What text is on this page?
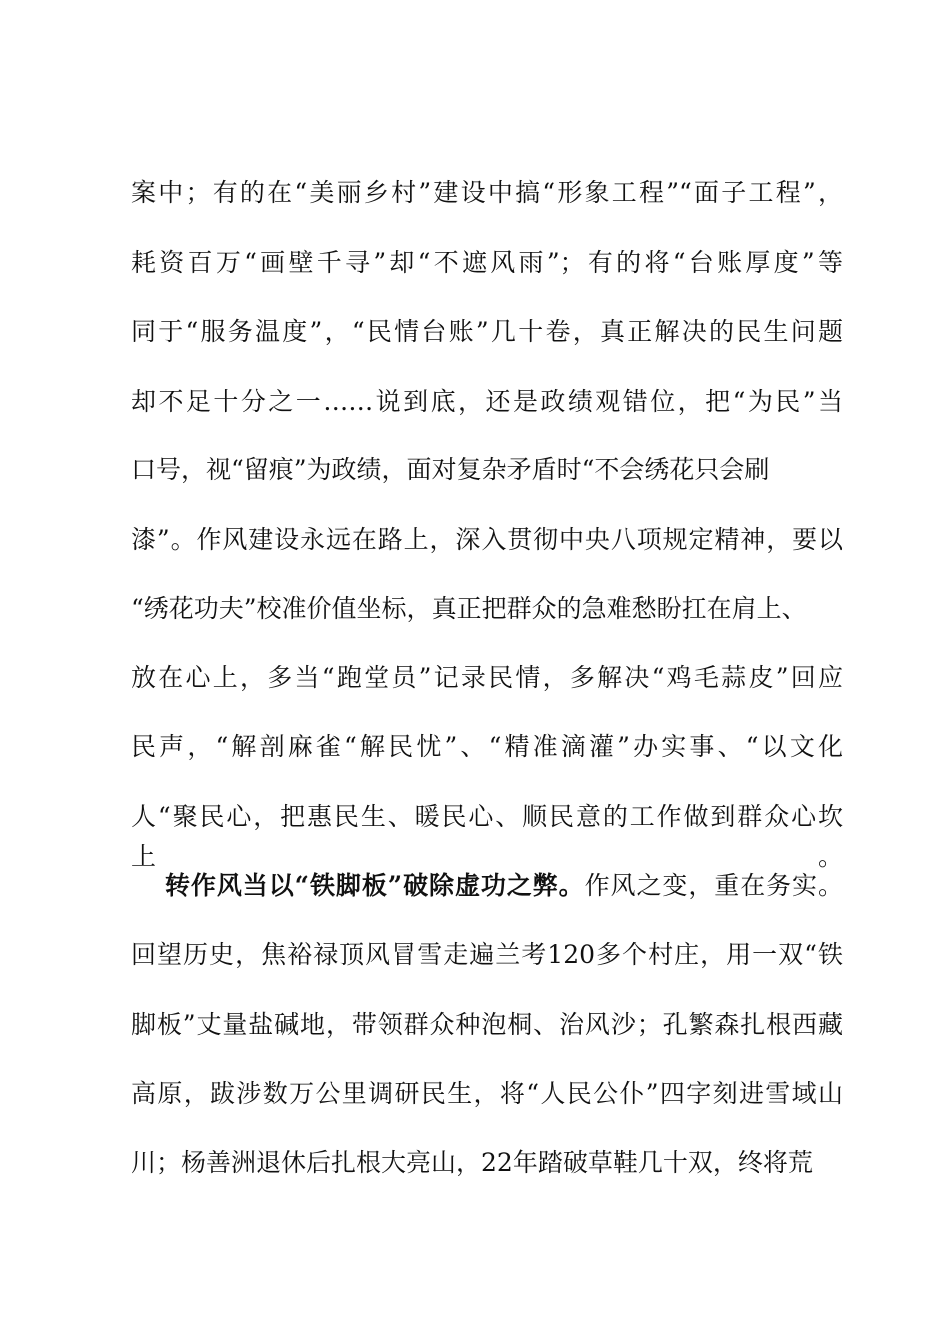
案中；有的在“美丽乡村”建设中搞“形象工程”“面子工程”，
耗资百万“画壁千寻”却“不遮风雨”；有的将“台账厚度”等
同于“服务温度”，“民情台账”几十卷，真正解决的民生问题
却不足十分之一……说到底，还是政绩观错位，把“为民”当
口号，视“留痕”为政绩，面对复杂矛盾时“不会绣花只会刷
漆”。作风建设永远在路上，深入贯彻中央八项规定精神，要以
“绣花功夫”校准价值坐标，真正把群众的急难愁盼扛在肩上、
放在心上，多当“跑堂员”记录民情，多解决“鸡毛蒜皮”回应
民声，“解剖麻雀“解民忧”、“精准滴灌”办实事、“以文化
人“聚民心，把惠民生、暖民心、顺民意的工作做到群众心坎上。
转作风当以“铁脚板”破除虚功之弊。作风之变，重在务实。
回望历史，焦裕禄顶风冒雪走遍兰考120多个村庄，用一双“铁
脚板”丈量盐碱地，带领群众种泡桐、治风沙；孔繁森扎根西藏
高原，跋涉数万公里调研民生，将“人民公仆”四字刻进雪域山
川；杨善洲退休后扎根大亮山，22年踏破草鞋几十双，终将荒
